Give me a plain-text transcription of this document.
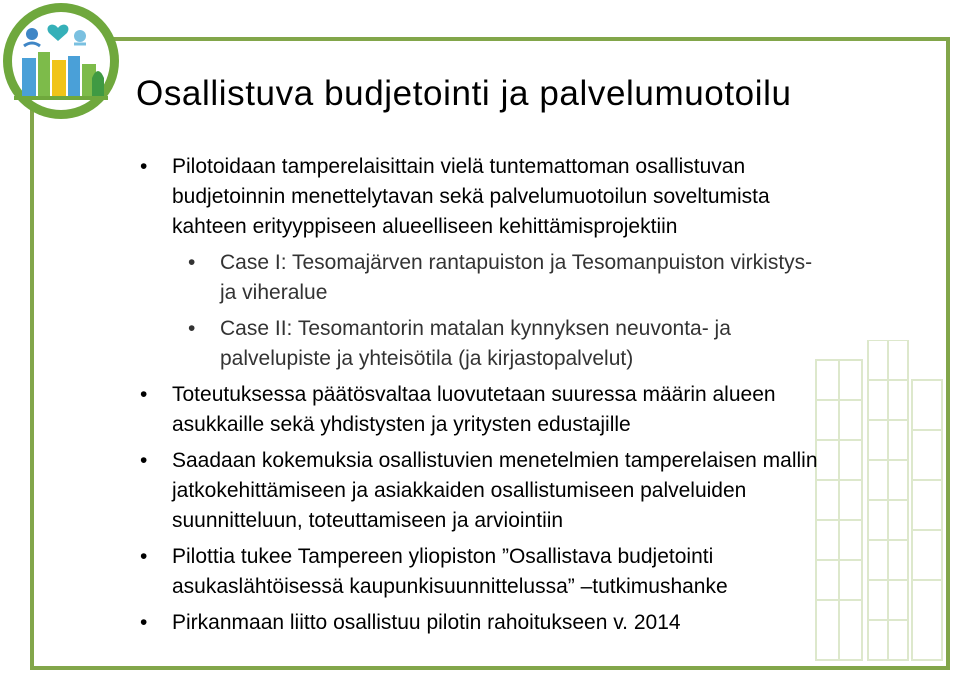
Osallistuva budjetointi ja palvelumuotoilu
• Pilotoidaan tamperelaisittain vielä tuntemattoman osallistuvan
budjetoinnin menettelytavan sekä palvelumuotoilun soveltumista
kahteen erityyppiseen alueelliseen kehittämisprojektiin
• Case I: Tesomajärven rantapuiston ja Tesomanpuiston virkistys-
ja viheralue
• Case II: Tesomantorin matalan kynnyksen neuvonta- ja
palvelupiste ja yhteisötila (ja kirjastopalvelut)
• Toteutuksessa päätösvaltaa luovutetaan suuressa määrin alueen
asukkaille sekä yhdistysten ja yritysten edustajille
• Saadaan kokemuksia osallistuvien menetelmien tamperelaisen mallin
jatkokehittämiseen ja asiakkaiden osallistumiseen palveluiden
suunnitteluun, toteuttamiseen ja arviointiin
• Pilottia tukee Tampereen yliopiston ”Osallistava budjetointi
asukaslähtöisessä kaupunkisuunnittelussa” –tutkimushanke
• Pirkanmaan liitto osallistuu pilotin rahoitukseen v. 2014
